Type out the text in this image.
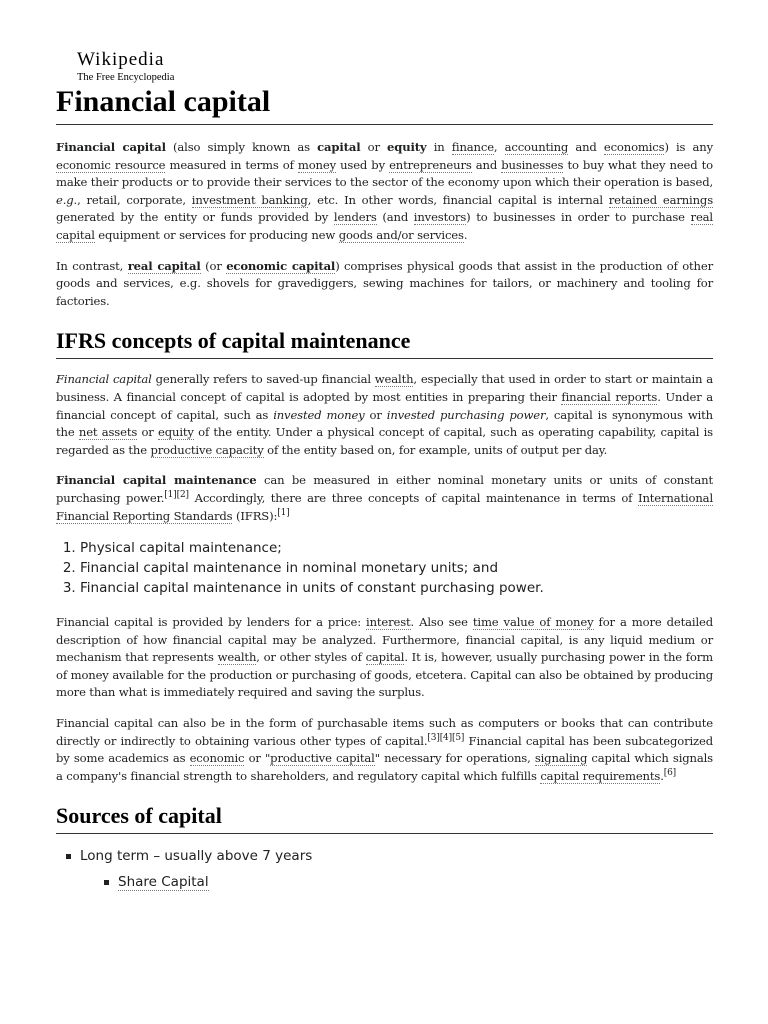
Wikipedia
The Free Encyclopedia
Financial capital

Financial capital (also simply known as capital or equity in finance, accounting and economics) is any economic resource measured in terms of money used by entrepreneurs and businesses to buy what they need to make their products or to provide their services to the sector of the economy upon which their operation is based, e.g., retail, corporate, investment banking, etc. In other words, financial capital is internal retained earnings generated by the entity or funds provided by lenders (and investors) to businesses in order to purchase real capital equipment or services for producing new goods and/or services.

In contrast, real capital (or economic capital) comprises physical goods that assist in the production of other goods and services, e.g. shovels for gravediggers, sewing machines for tailors, or machinery and tooling for factories.

IFRS concepts of capital maintenance

Financial capital generally refers to saved-up financial wealth, especially that used in order to start or maintain a business. A financial concept of capital is adopted by most entities in preparing their financial reports. Under a financial concept of capital, such as invested money or invested purchasing power, capital is synonymous with the net assets or equity of the entity. Under a physical concept of capital, such as operating capability, capital is regarded as the productive capacity of the entity based on, for example, units of output per day.

Financial capital maintenance can be measured in either nominal monetary units or units of constant purchasing power.[1][2] Accordingly, there are three concepts of capital maintenance in terms of International Financial Reporting Standards (IFRS):[1]

1. Physical capital maintenance;
2. Financial capital maintenance in nominal monetary units; and
3. Financial capital maintenance in units of constant purchasing power.

Financial capital is provided by lenders for a price: interest. Also see time value of money for a more detailed description of how financial capital may be analyzed. Furthermore, financial capital, is any liquid medium or mechanism that represents wealth, or other styles of capital. It is, however, usually purchasing power in the form of money available for the production or purchasing of goods, etcetera. Capital can also be obtained by producing more than what is immediately required and saving the surplus.

Financial capital can also be in the form of purchasable items such as computers or books that can contribute directly or indirectly to obtaining various other types of capital.[3][4][5] Financial capital has been subcategorized by some academics as economic or "productive capital" necessary for operations, signaling capital which signals a company's financial strength to shareholders, and regulatory capital which fulfills capital requirements.[6]

Sources of capital
Long term – usually above 7 years
Share Capital
